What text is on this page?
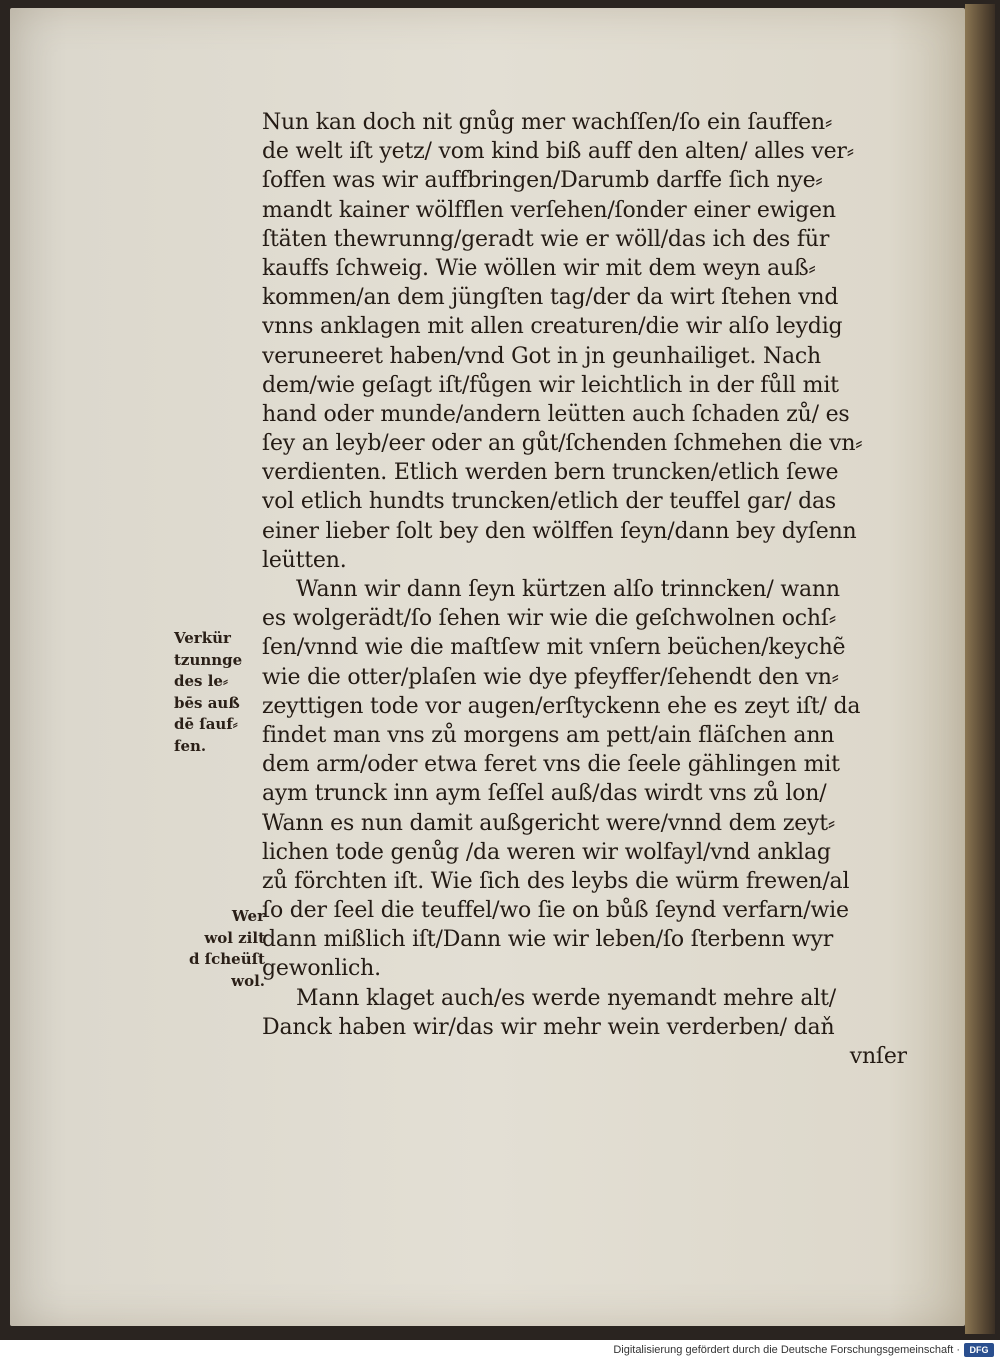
Nun kan doch nit gnůg mer wachſſen/ſo ein ſauffen⸗
de welt iſt yetz/ vom kind biß auff den alten/ alles ver⸗
ſoffen was wir auffbringen/Darumb darffe ſich nye⸗
mandt kainer wölfflen verſehen/ſonder einer ewigen
ſtäten thewrunng/geradt wie er wöll/das ich des für
kauffs ſchweig. Wie wöllen wir mit dem weyn auß⸗
kommen/an dem jüngſten tag/der da wirt ſtehen vnd
vnns anklagen mit allen creaturen/die wir alſo leydig
veruneeret haben/vnd Got in jn geunhailiget. Nach
dem/wie geſagt iſt/fůgen wir leichtlich in der fůll mit
hand oder munde/andern leütten auch ſchaden zů/ es
ſey an leyb/eer oder an gůt/ſchenden ſchmehen die vn⸗
verdienten. Etlich werden bern truncken/etlich ſewe
vol etlich hundts truncken/etlich der teuffel gar/ das
einer lieber ſolt bey den wölffen ſeyn/dann bey dyſenn
leütten.
Wann wir dann ſeyn kürtzen alſo trinncken/ wann
es wolgerädt/ſo ſehen wir wie die geſchwolnen ochſ⸗
ſen/vnnd wie die maſtſew mit vnſern beüchen/keychẽ
wie die otter/plaſen wie dye pfeyffer/ſehendt den vn⸗
zeyttigen tode vor augen/erſtyckenn ehe es zeyt iſt/ da
findet man vns zů morgens am pett/ain fläſchen ann
dem arm/oder etwa feret vns die ſeele gählingen mit
aym trunck inn aym ſeſſel auß/das wirdt vns zů lon/
Wann es nun damit außgericht were/vnnd dem zeyt⸗
lichen tode genůg /da weren wir wolfayl/vnd anklag
zů förchten iſt. Wie ſich des leybs die würm frewen/al
ſo der ſeel die teuffel/wo ſie on bůß ſeynd verfarn/wie
dann mißlich iſt/Dann wie wir leben/ſo ſterbenn wyr
gewonlich.
Mann klaget auch/es werde nyemandt mehre alt/
Danck haben wir/das wir mehr wein verderben/ daň
vnſer
Verkür
tzunnge
des le⸗
bēs auß
dē ſauf⸗
fen.
Wer
wol zilt
d ſcheüſt
wol.
Digitalisierung gefördert durch die Deutsche Forschungsgemeinschaft ·	DFG
